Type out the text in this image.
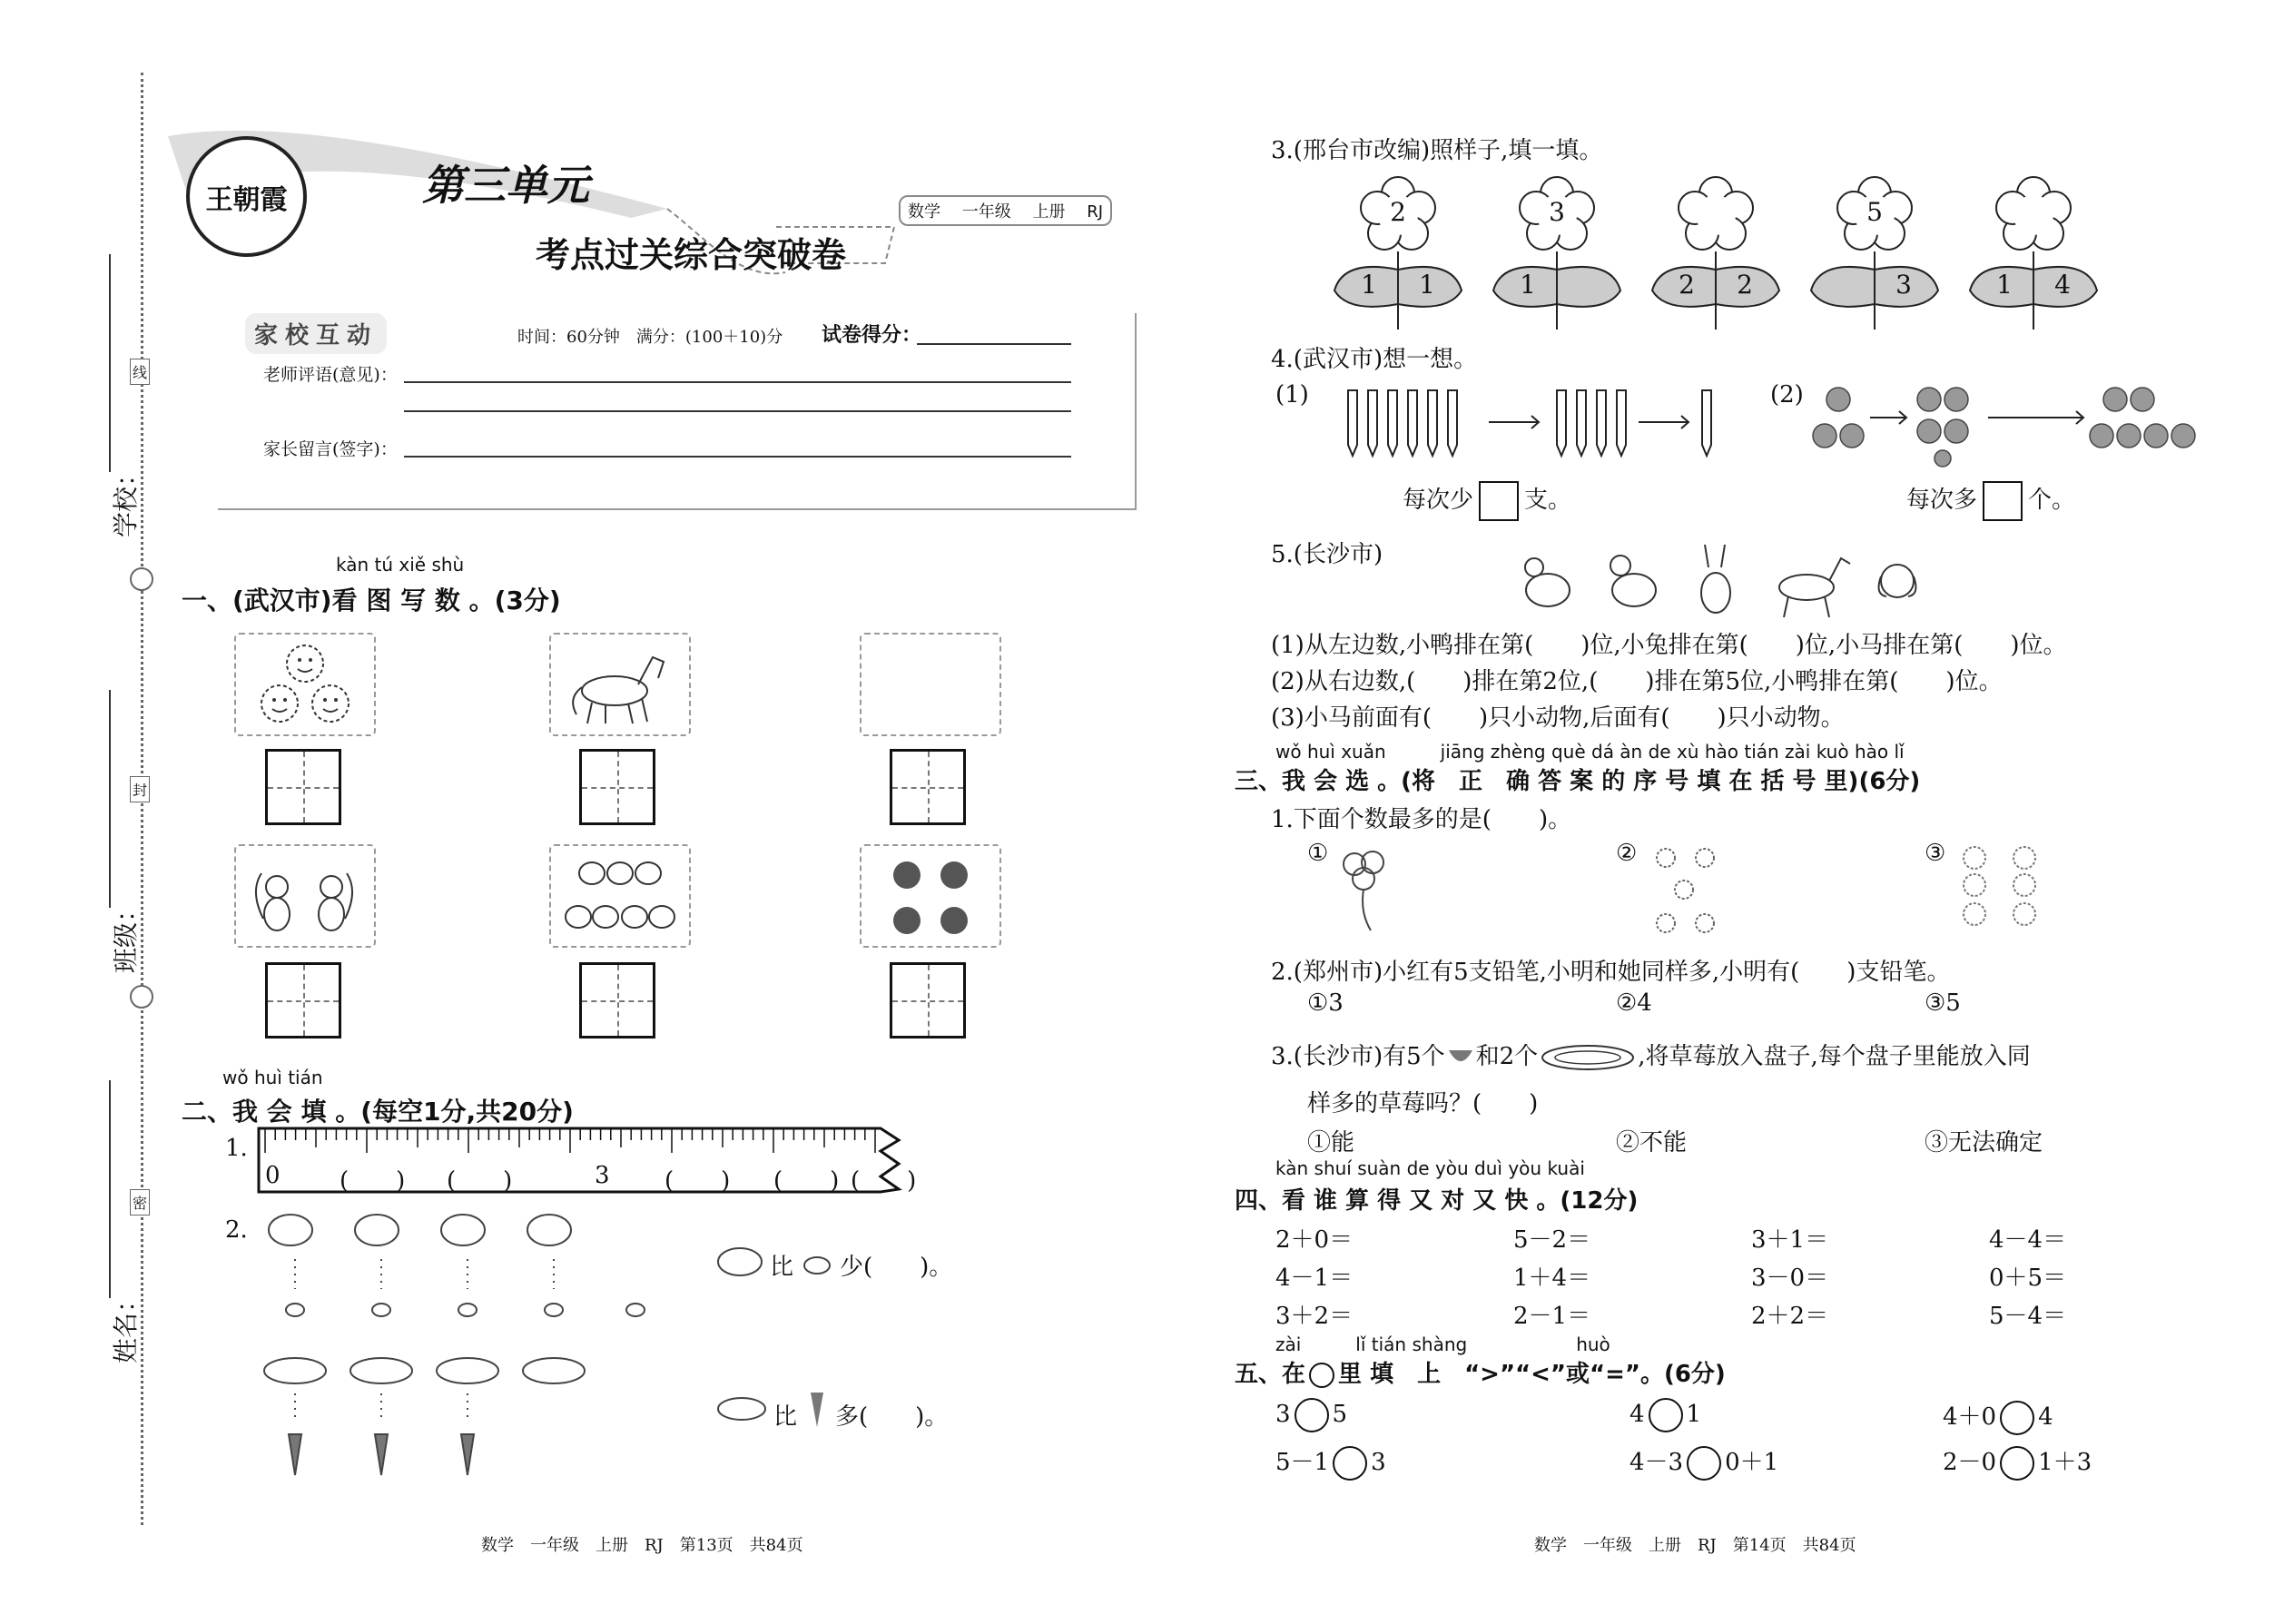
线
封
密
学校：
班级：
姓名：
王朝霞	第三单元
考点过关综合突破卷
数学　 一年级　 上册　 RJ
家校互动	时间：60分钟　满分：(100＋10)分 试卷得分：
老师评语(意见)：
家长留言(签字)：
kàn tú xiě shù
一、(武汉市)看 图 写 数 。(3分)
wǒ huì tián
二、我 会 填 。(每空1分,共20分)
1.
0	(　　) (　　)	3 (　　) (　　) (　　)
2.
比 少(　　)。
比 多(　　)。
数学　一年级　上册　RJ　第13页　共84页
3.(邢台市改编)照样子,填一填。
2
1 1
3
1	2 2
5
3	1 4
4.(武汉市)想一想。
(1)
每次少 支。
(2)
每次多 个。
5.(长沙市)
(1)从左边数,小鸭排在第(　　)位,小兔排在第(　　)位,小马排在第(　　)位。
(2)从右边数,(　　)排在第2位,(　　)排在第5位,小鸭排在第(　　)位。
(3)小马前面有(　　)只小动物,后面有(　　)只小动物。
wǒ huì xuǎn　　　jiāng zhèng què dá àn de xù hào tián zài kuò hào lǐ
三、我 会 选 。(将　正　确 答 案 的 序 号 填 在 括 号 里)(6分)
1.下面个数最多的是(　　)。
①	②	③
2.(郑州市)小红有5支铅笔,小明和她同样多,小明有(　　)支铅笔。
①3	②4	③5
3.(长沙市)有5个 和2个	,将草莓放入盘子,每个盘子里能放入同
样多的草莓吗？(　　)
①能	②不能	③无法确定
kàn shuí suàn de yòu duì yòu kuài
四、看 谁 算 得 又 对 又 快 。(12分)
2＋0＝	5－2＝	3＋1＝	4－4＝
4－1＝	1＋4＝	3－0＝	0＋5＝
3＋2＝	2－1＝	2＋2＝	5－4＝
zài　　　lǐ tián shàng　　　　　　huò
五、在 里 填　上　“>”“<”或“=”。(6分)
3 5	4 1	4＋0 4
5－1 3	4－3 0＋1	2－0 1＋3
数学　一年级　上册　RJ　第14页　共84页
